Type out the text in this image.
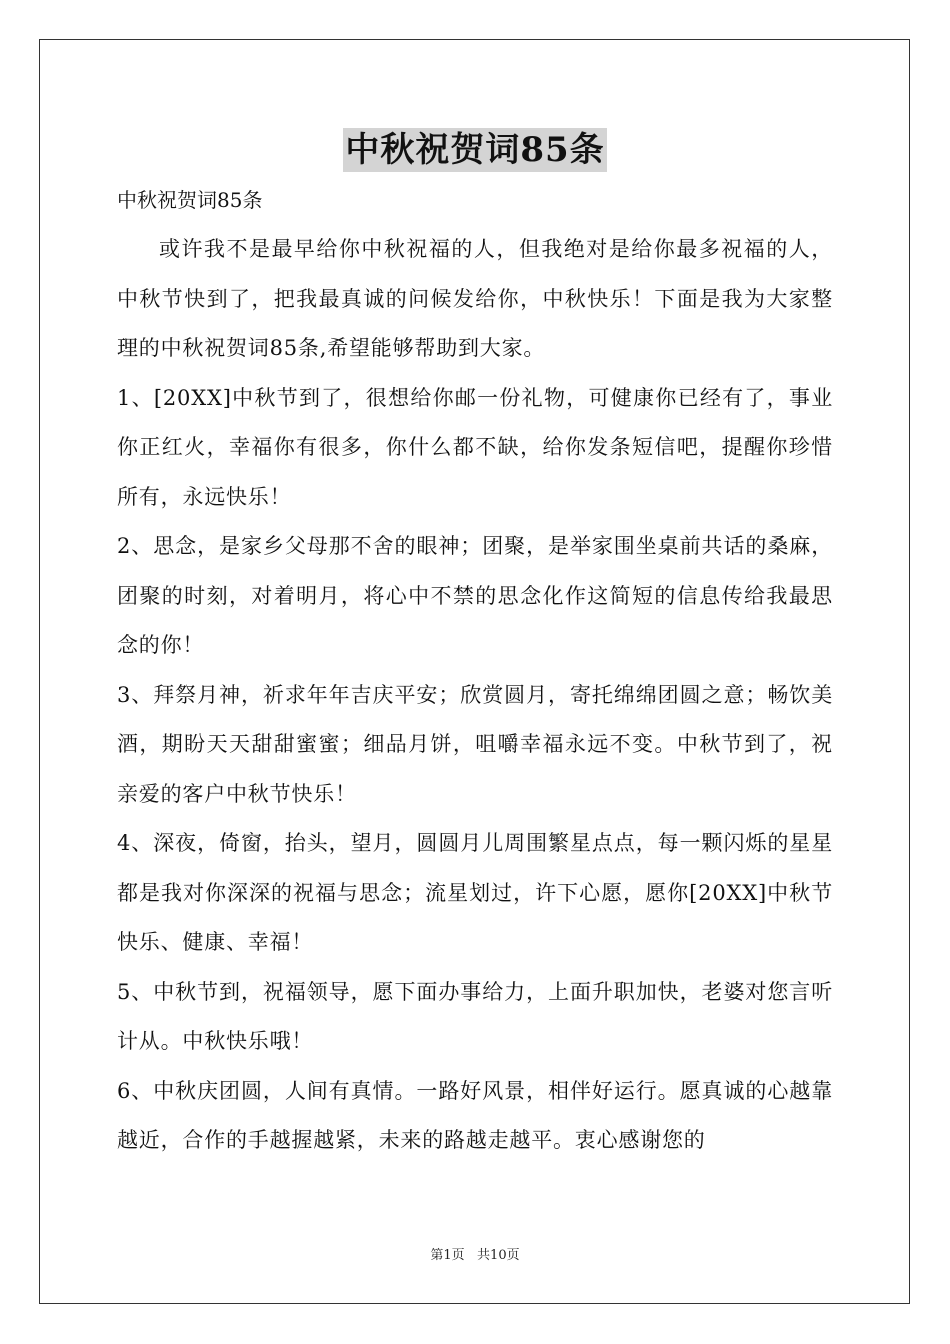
中秋祝贺词85条

中秋祝贺词85条

或许我不是最早给你中秋祝福的人，但我绝对是给你最多祝福的人，中秋节快到了，把我最真诚的问候发给你，中秋快乐！下面是我为大家整理的中秋祝贺词85条,希望能够帮助到大家。

1、[20XX]中秋节到了，很想给你邮一份礼物，可健康你已经有了，事业你正红火，幸福你有很多，你什么都不缺，给你发条短信吧，提醒你珍惜所有，永远快乐！

2、思念，是家乡父母那不舍的眼神；团聚，是举家围坐桌前共话的桑麻，团聚的时刻，对着明月，将心中不禁的思念化作这简短的信息传给我最思念的你！

3、拜祭月神，祈求年年吉庆平安；欣赏圆月，寄托绵绵团圆之意；畅饮美酒，期盼天天甜甜蜜蜜；细品月饼，咀嚼幸福永远不变。中秋节到了，祝亲爱的客户中秋节快乐！

4、深夜，倚窗，抬头，望月，圆圆月儿周围繁星点点，每一颗闪烁的星星都是我对你深深的祝福与思念；流星划过，许下心愿，愿你[20XX]中秋节快乐、健康、幸福！

5、中秋节到，祝福领导，愿下面办事给力，上面升职加快，老婆对您言听计从。中秋快乐哦！

6、中秋庆团圆，人间有真情。一路好风景，相伴好运行。愿真诚的心越靠越近，合作的手越握越紧，未来的路越走越平。衷心感谢您的

第1页   共10页
